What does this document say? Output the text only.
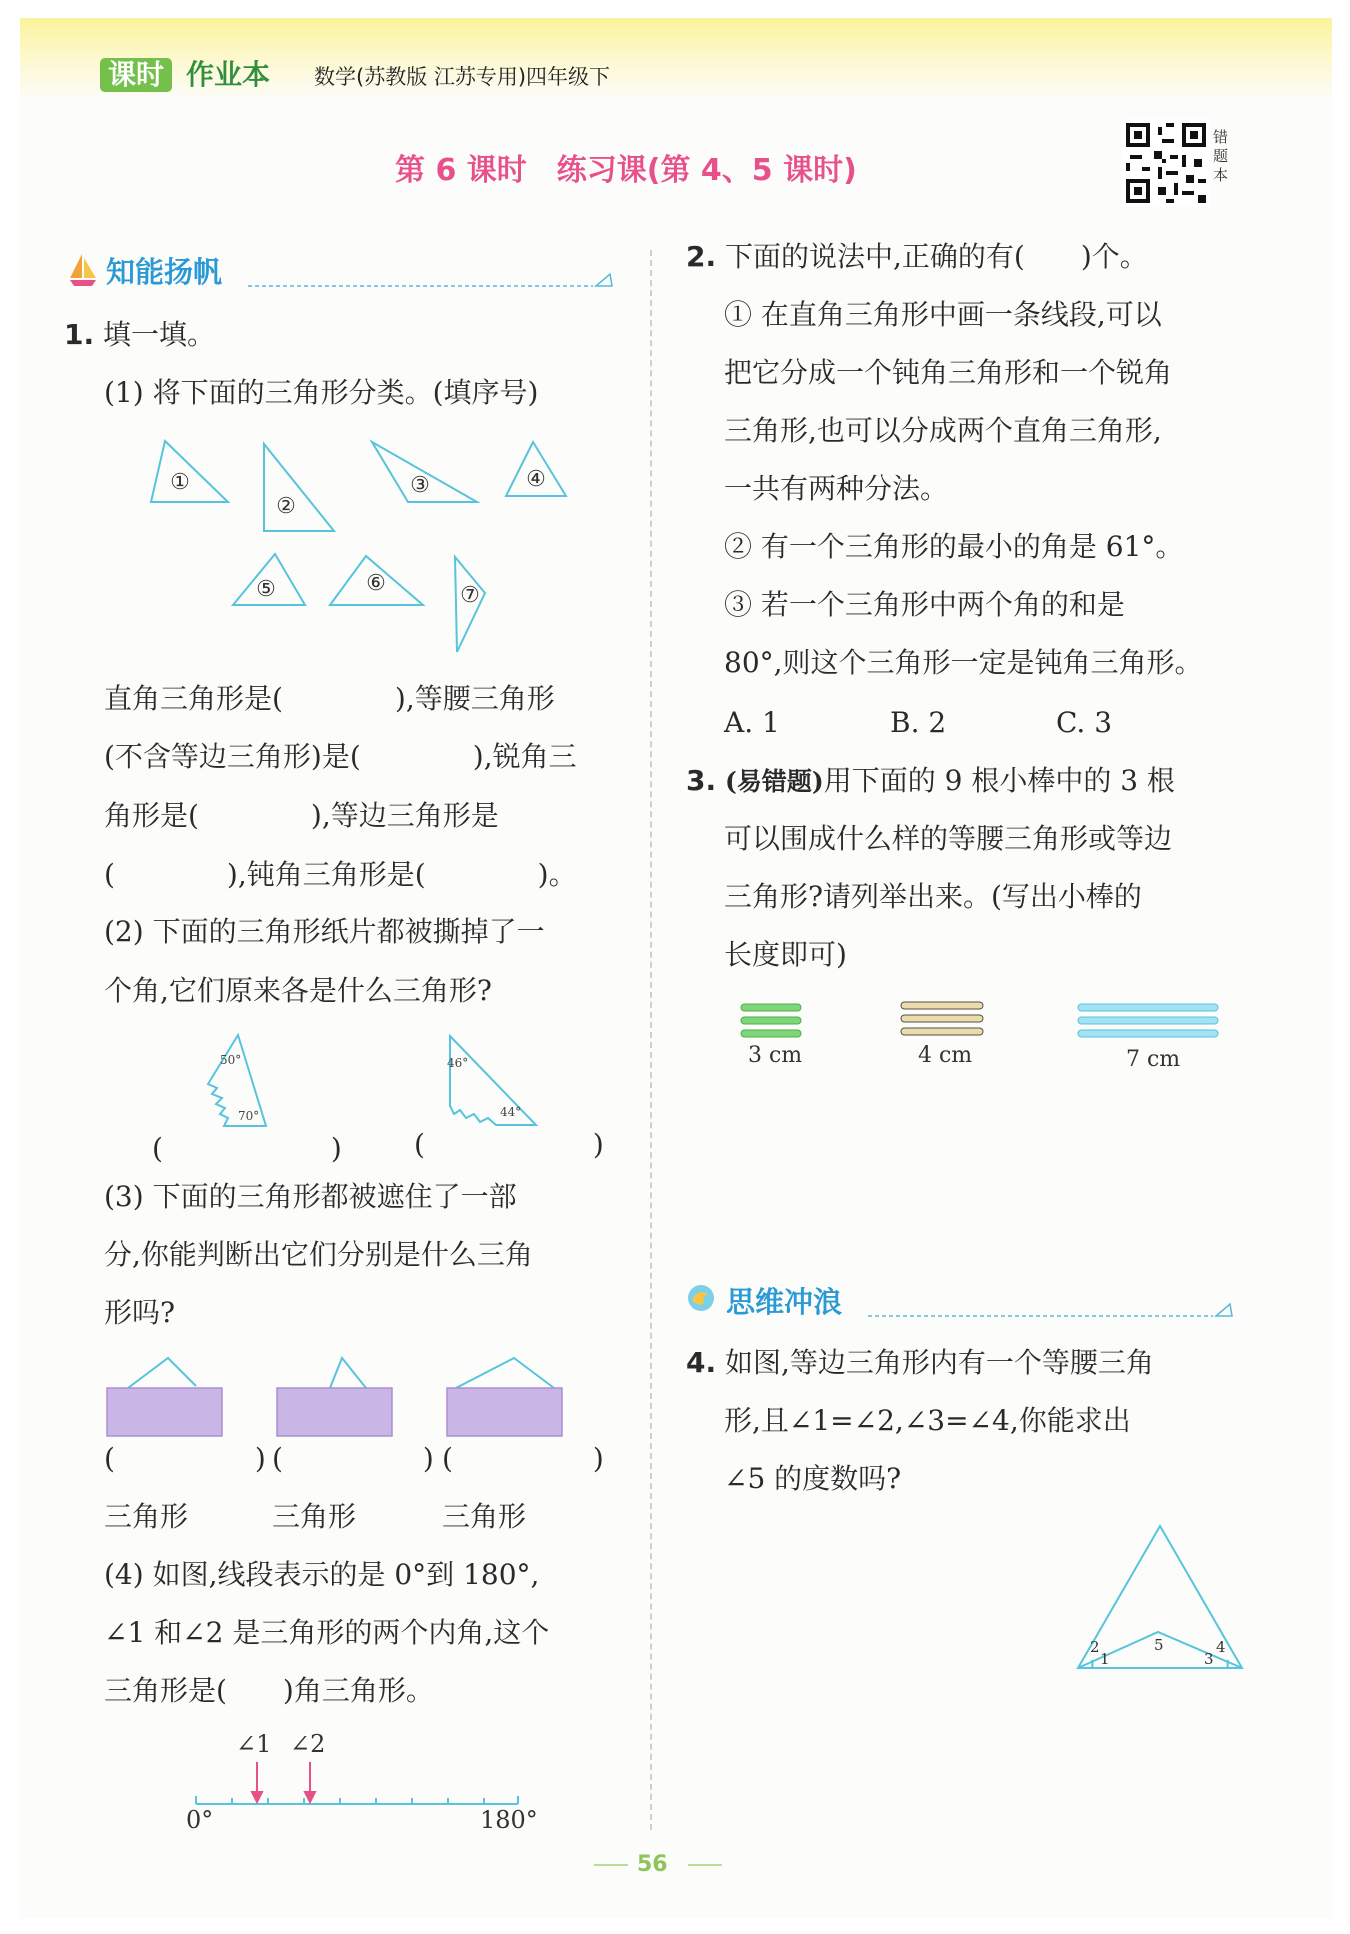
课时 作业本 数学(苏教版 江苏专用)四年级下
第 6 课时　练习课(第 4、5 课时)
错题本
知能扬帆
1. 填一填。
(1) 将下面的三角形分类。(填序号)
①
②
③	④
⑤	⑥	⑦
直角三角形是(　　　　),等腰三角形
(不含等边三角形)是(　　　　),锐角三
角形是(　　　　),等边三角形是
(　　　　),钝角三角形是(　　　　)。
(2) 下面的三角形纸片都被撕掉了一
个角,它们原来各是什么三角形?
50°
70°
46°
44°
(　　　　　　)	(　　　　　　)
(3) 下面的三角形都被遮住了一部
分,你能判断出它们分别是什么三角
形吗?
(　　　　　) (　　　　　) (　　　　　)
三角形	三角形	三角形
(4) 如图,线段表示的是 0°到 180°,
∠1 和∠2 是三角形的两个内角,这个
三角形是(　　)角三角形。
∠1 ∠2
0°	180°
2. 下面的说法中,正确的有(　　)个。
① 在直角三角形中画一条线段,可以
把它分成一个钝角三角形和一个锐角
三角形,也可以分成两个直角三角形,
一共有两种分法。
② 有一个三角形的最小的角是 61°。
③ 若一个三角形中两个角的和是
80°,则这个三角形一定是钝角三角形。
A. 1	B. 2	C. 3
3. (易错题)用下面的 9 根小棒中的 3 根
可以围成什么样的等腰三角形或等边
三角形?请列举出来。(写出小棒的
长度即可)
3 cm	4 cm	7 cm
思维冲浪
4. 如图,等边三角形内有一个等腰三角
形,且∠1=∠2,∠3=∠4,你能求出
∠5 的度数吗?
1
2
3
4
5
56
